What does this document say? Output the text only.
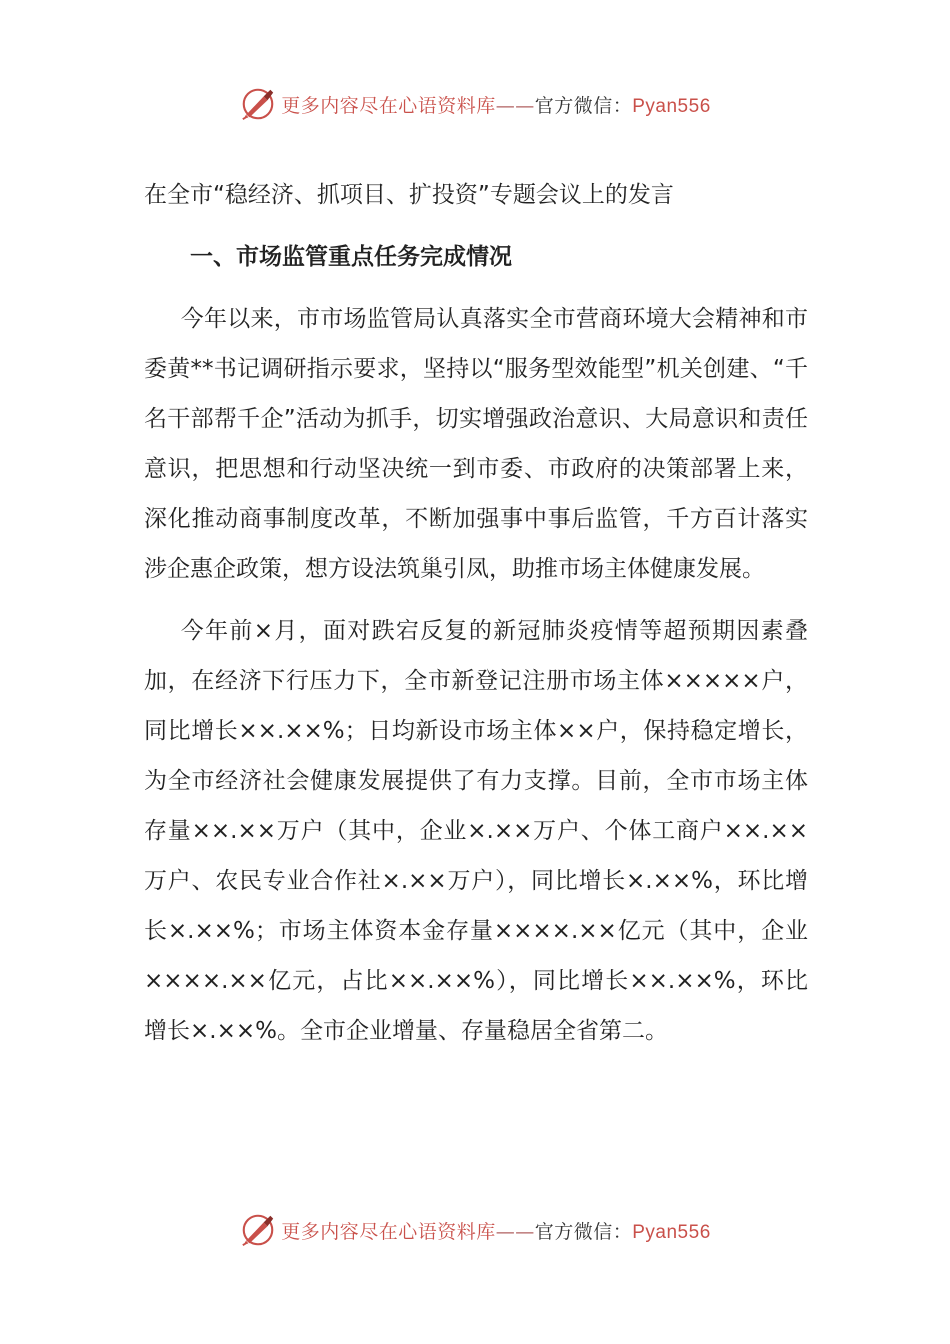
更多内容尽在心语资料库——官方微信：Pyan556

在全市“稳经济、抓项目、扩投资”专题会议上的发言

一、市场监管重点任务完成情况

今年以来，市市场监管局认真落实全市营商环境大会精神和市委黄**书记调研指示要求，坚持以“服务型效能型”机关创建、“千名干部帮千企”活动为抓手，切实增强政治意识、大局意识和责任意识，把思想和行动坚决统一到市委、市政府的决策部署上来，深化推动商事制度改革，不断加强事中事后监管，千方百计落实涉企惠企政策，想方设法筑巢引凤，助推市场主体健康发展。

今年前×月，面对跌宕反复的新冠肺炎疫情等超预期因素叠加，在经济下行压力下，全市新登记注册市场主体×××××户，同比增长××.××%；日均新设市场主体××户，保持稳定增长，为全市经济社会健康发展提供了有力支撑。目前，全市市场主体存量××.××万户（其中，企业×.××万户、个体工商户××.××万户、农民专业合作社×.××万户），同比增长×.××%，环比增长×.××%；市场主体资本金存量××××.××亿元（其中，企业××××.××亿元，占比××.××%），同比增长××.××%，环比增长×.××%。全市企业增量、存量稳居全省第二。

更多内容尽在心语资料库——官方微信：Pyan556
